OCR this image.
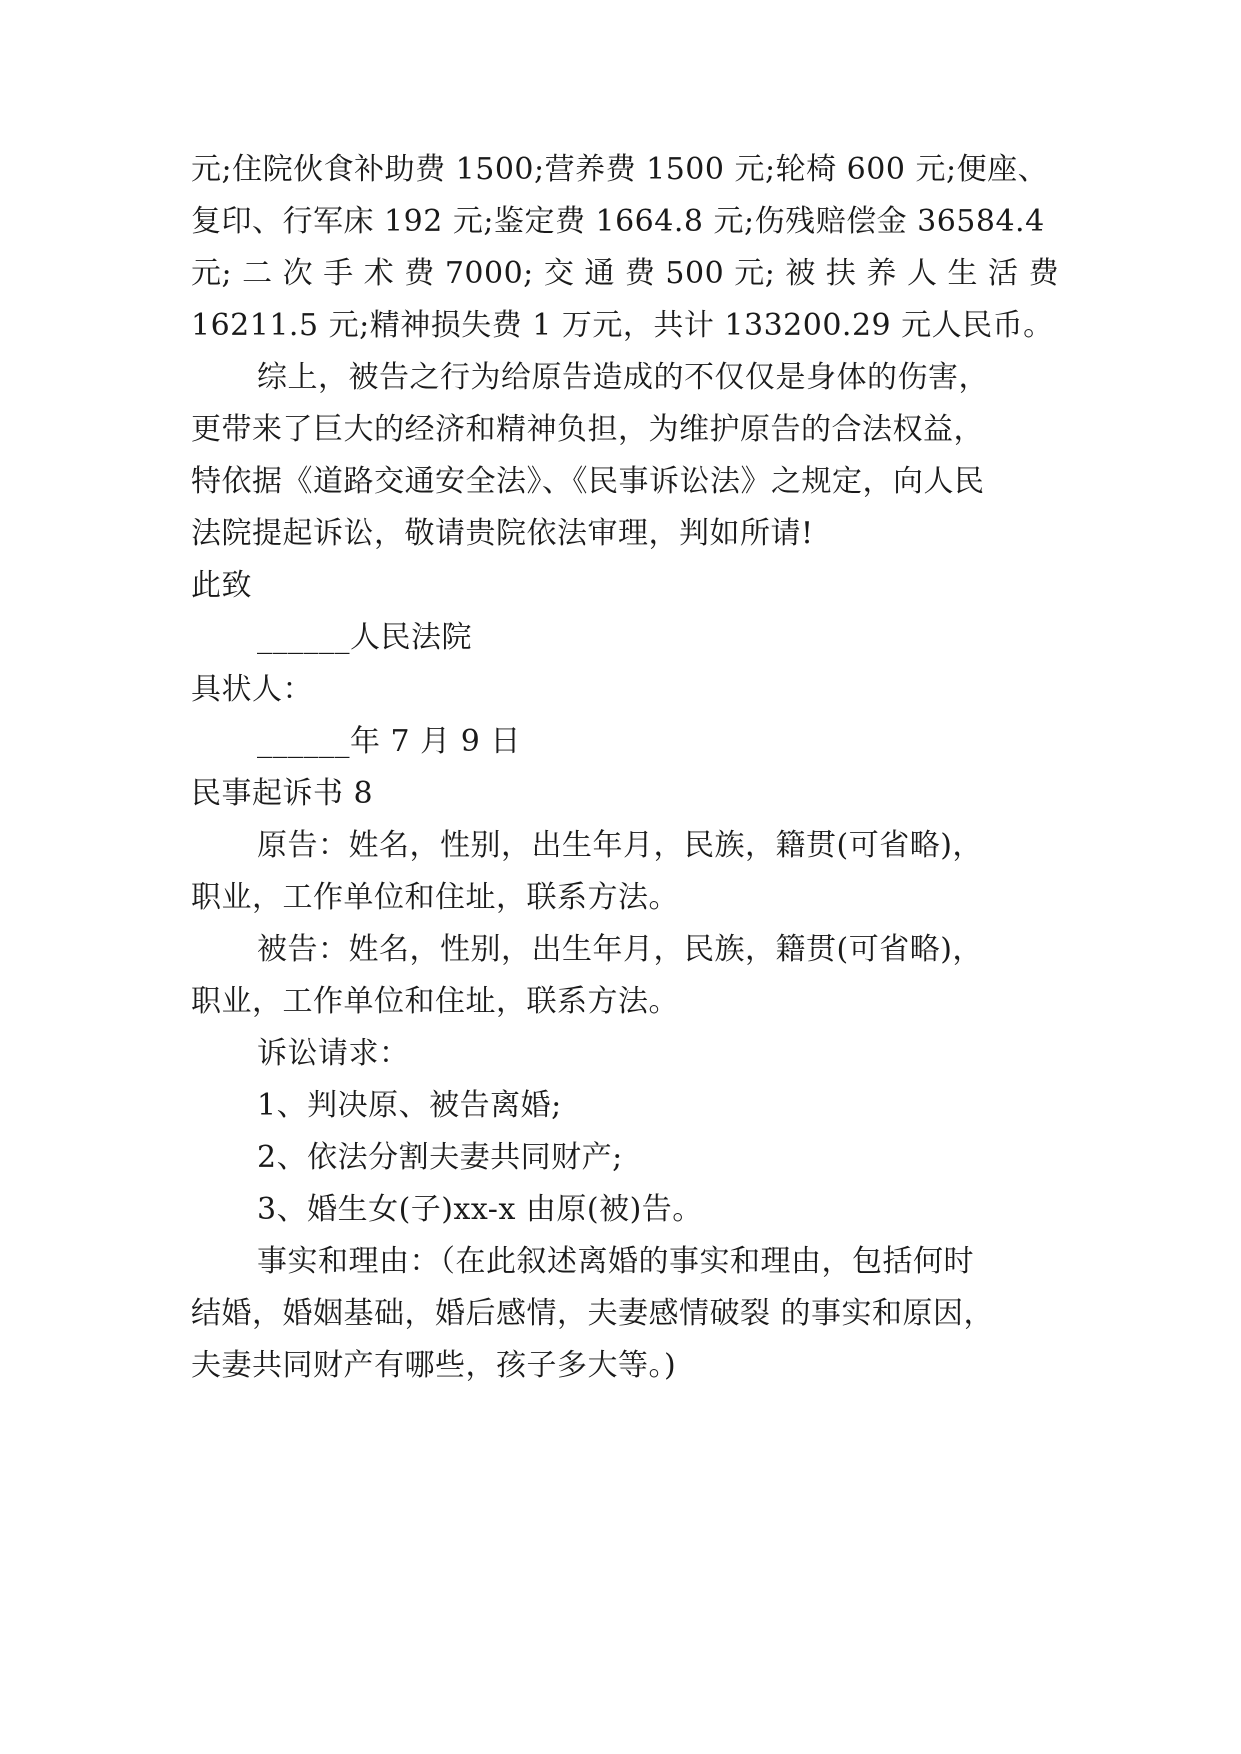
元;住院伙食补助费 1500;营养费 1500 元;轮椅 600 元;便座、
复印、行军床 192 元;鉴定费 1664.8 元;伤残赔偿金 36584.4
元; 二 次 手 术 费 7000; 交 通 费 500 元; 被 扶 养 人 生 活 费
16211.5 元;精神损失费 1 万元，共计 133200.29 元人民币。
综上，被告之行为给原告造成的不仅仅是身体的伤害，
更带来了巨大的经济和精神负担，为维护原告的合法权益，
特依据《道路交通安全法》、《民事诉讼法》之规定，向人民
法院提起诉讼，敬请贵院依法审理，判如所请!
此致
______人民法院
具状人：
______年 7 月 9 日
民事起诉书 8
原告：姓名，性别，出生年月，民族，籍贯(可省略)，
职业，工作单位和住址，联系方法。
被告：姓名，性别，出生年月，民族，籍贯(可省略)，
职业，工作单位和住址，联系方法。
诉讼请求：
1、判决原、被告离婚;
2、依法分割夫妻共同财产;
3、婚生女(子)xx-x 由原(被)告。
事实和理由：（在此叙述离婚的事实和理由，包括何时
结婚，婚姻基础，婚后感情，夫妻感情破裂 的事实和原因，
夫妻共同财产有哪些，孩子多大等。)
